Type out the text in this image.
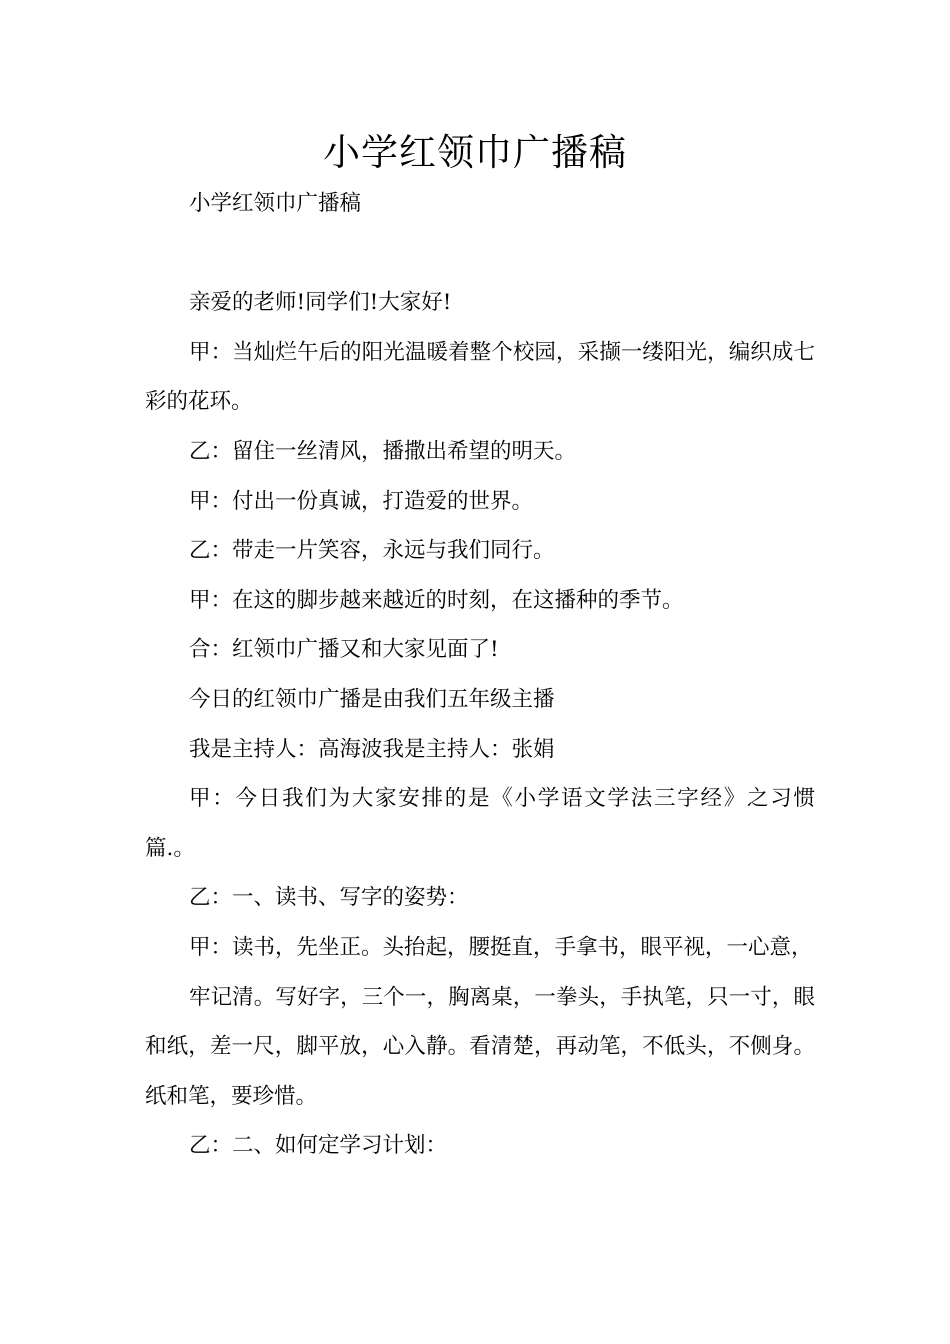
小学红领巾广播稿

小学红领巾广播稿

亲爱的老师!同学们!大家好!

甲：当灿烂午后的阳光温暖着整个校园，采撷一缕阳光，编织成七彩的花环。

乙：留住一丝清风，播撒出希望的明天。

甲：付出一份真诚，打造爱的世界。

乙：带走一片笑容，永远与我们同行。

甲：在这的脚步越来越近的时刻，在这播种的季节。

合：红领巾广播又和大家见面了!

今日的红领巾广播是由我们五年级主播

我是主持人：高海波我是主持人：张娟

甲：今日我们为大家安排的是《小学语文学法三字经》之习惯篇.。

乙：一、读书、写字的姿势：

甲：读书，先坐正。头抬起，腰挺直，手拿书，眼平视，一心意，

牢记清。写好字，三个一，胸离桌，一拳头，手执笔，只一寸，眼和纸，差一尺，脚平放，心入静。看清楚，再动笔，不低头，不侧身。纸和笔，要珍惜。

乙：二、如何定学习计划：
